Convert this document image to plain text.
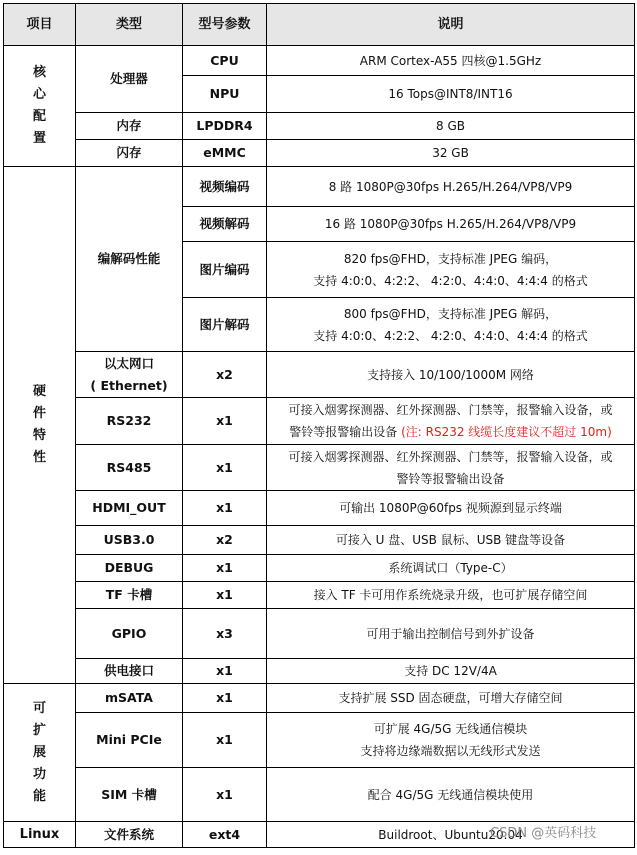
项目	类型	型号参数	说明

核
心
配
置	处理器	CPU	ARM Cortex-A55 四核@1.5GHz
		NPU	16 Tops@INT8/INT16
	内存	LPDDR4	8 GB
	闪存	eMMC	32 GB

硬
件
特
性	编解码性能	视频编码	8 路 1080P@30fps H.265/H.264/VP8/VP9
		视频解码	16 路 1080P@30fps H.265/H.264/VP8/VP9
		图片编码	820 fps@FHD，支持标准 JPEG 编码，
支持 4:0:0、4:2:2、 4:2:0、4:4:0、4:4:4 的格式

		图片解码	800 fps@FHD，支持标准 JPEG 解码，
支持 4:0:0、4:2:2、 4:2:0、4:4:0、4:4:4 的格式

	以太网口
( Ethernet)	x2	支持接入 10/100/1000M 网络
	RS232	x1	可接入烟雾探测器、红外探测器、门禁等，报警输入设备，或
警铃等报警输出设备 (注: RS232 线缆长度建议不超过 10m)

	RS485	x1	可接入烟雾探测器、红外探测器、门禁等，报警输入设备，或
警铃等报警输出设备

	HDMI_OUT	x1	可输出 1080P@60fps 视频源到显示终端
	USB3.0	x2	可接入 U 盘、USB 鼠标、USB 键盘等设备
	DEBUG	x1	系统调试口（Type-C）
	TF 卡槽	x1	接入 TF 卡可用作系统烧录升级，也可扩展存储空间
	GPIO	x3	可用于输出控制信号到外扩设备
	供电接口	x1	支持 DC 12V/4A

可
扩
展
功
能	mSATA	x1	支持扩展 SSD 固态硬盘，可增大存储空间
	Mini PCIe	x1	可扩展 4G/5G 无线通信模块
支持将边缘端数据以无线形式发送

	SIM 卡槽	x1	配合 4G/5G 无线通信模块使用
Linux	文件系统	ext4	Buildroot、Ubuntu20.04
CSDN @英码科技
